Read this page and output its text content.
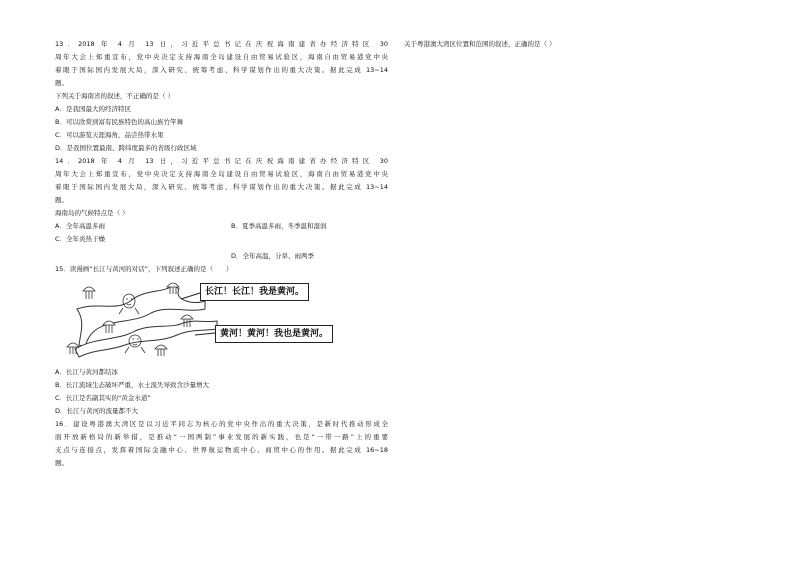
13．2018 年 4 月 13 日，习近平总书记在庆祝海南建省办经济特区 30
周年大会上郑重宣布，党中央决定支持海南全岛建设自由贸易试验区，海南自由贸易港党中央
着眼于国际国内发展大局，深入研究、统筹考虑、科学谋划作出的重大决策。据此完成 13~14
题。
下列关于海南省的叙述，不正确的是（ ）
A．是我国最大的经济特区
B．可以欣赏到富有民族特色的高山族竹竿舞
C．可以游览天涯海角，品尝热带水果
D．是我国位置最南、跨纬度最多的省级行政区域
14．2018 年 4 月 13 日，习近平总书记在庆祝海南建省办经济特区 30
周年大会上郑重宣布，党中央决定支持海南全岛建设自由贸易试验区，海南自由贸易港党中央
着眼于国际国内发展大局，深入研究、统筹考虑、科学谋划作出的重大决策。据此完成 13~14
题。
海南岛的气候特点是（ ）
A．全年高温多雨	B．夏季高温多雨，冬季温和湿润
C．全年炎热干燥
D．全年高温，分旱、雨两季
15．读漫画“长江与黄河的对话”，下列叙述正确的是（　　）
长江！长江！我是黄河。
黄河！黄河！我也是黄河。
A．长江与黄河都结冰
B．长江流域生态破坏严重，水土流失导致含沙量增大
C．长江是名副其实的“黄金水道”
D．长江与黄河的流量都不大
16．建设粤港澳大湾区是以习近平同志为核心的党中央作出的重大决策，是新时代推动形成全
面开放新格局的新举措，是推动“一国两制”事业发展的新实践，也是“一带一路”上的重要
支点与连接点，发挥着国际金融中心、世界航运物流中心、商贸中心的作用。据此完成 16~18
题。
关于粤港澳大湾区位置和范围的叙述，正确的是（ ）
